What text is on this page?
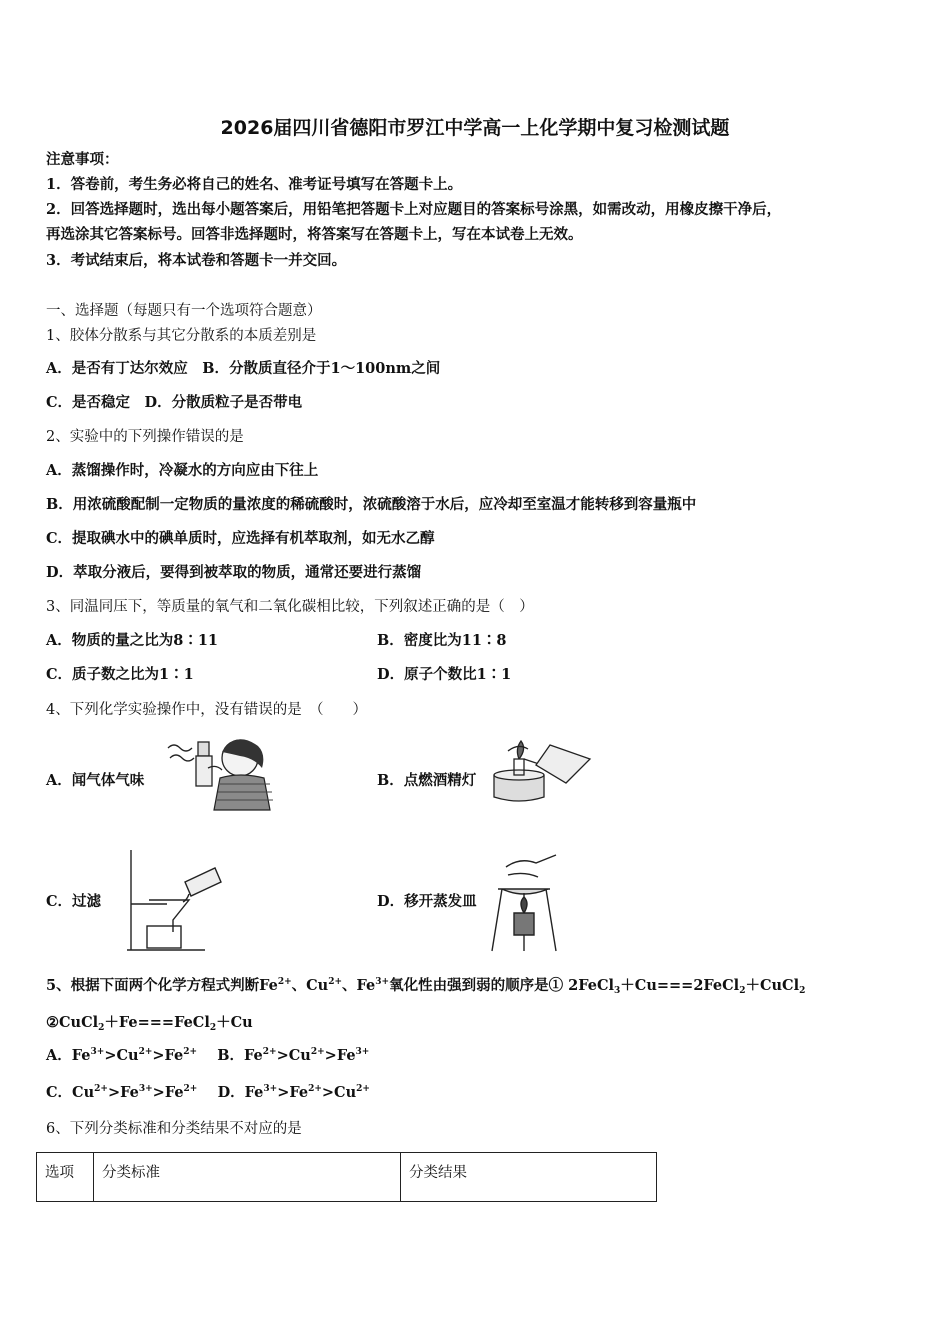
2026届四川省德阳市罗江中学高一上化学期中复习检测试题
注意事项：
1．答卷前，考生务必将自己的姓名、准考证号填写在答题卡上。
2．回答选择题时，选出每小题答案后，用铅笔把答题卡上对应题目的答案标号涂黑，如需改动，用橡皮擦干净后，
再选涂其它答案标号。回答非选择题时，将答案写在答题卡上，写在本试卷上无效。
3．考试结束后，将本试卷和答题卡一并交回。
一、选择题（每题只有一个选项符合题意）
1、胶体分散系与其它分散系的本质差别是
A．是否有丁达尔效应　B．分散质直径介于1～100nm之间
C．是否稳定　D．分散质粒子是否带电
2、实验中的下列操作错误的是
A．蒸馏操作时，冷凝水的方向应由下往上
B．用浓硫酸配制一定物质的量浓度的稀硫酸时，浓硫酸溶于水后，应冷却至室温才能转移到容量瓶中
C．提取碘水中的碘单质时，应选择有机萃取剂，如无水乙醇
D．萃取分液后，要得到被萃取的物质，通常还要进行蒸馏
3、同温同压下，等质量的氧气和二氧化碳相比较，下列叙述正确的是（　）
A．物质的量之比为8∶11	B．密度比为11∶8
C．质子数之比为1∶1	D．原子个数比1∶1
4、下列化学实验操作中，没有错误的是　（　　）
A．闻气体气味	B．点燃酒精灯
C．过滤	D．移开蒸发皿
5、根据下面两个化学方程式判断$Fe^{2+}$、$Cu^{2+}$、$Fe^{3+}$氧化性由强到弱的顺序是① 2FeCl$_3$＋Cu===2FeCl$_2$＋CuCl$_2$
②CuCl$_2$＋Fe===FeCl$_2$＋Cu
A．$Fe^{3+}>Cu^{2+}>Fe^{2+}$ B．$Fe^{2+}>Cu^{2+}>Fe^{3+}$
C．$Cu^{2+}>Fe^{3+}>Fe^{2+}$ D．$Fe^{3+}>Fe^{2+}>Cu^{2+}$
6、下列分类标准和分类结果不对应的是
选项	分类标准	分类结果
